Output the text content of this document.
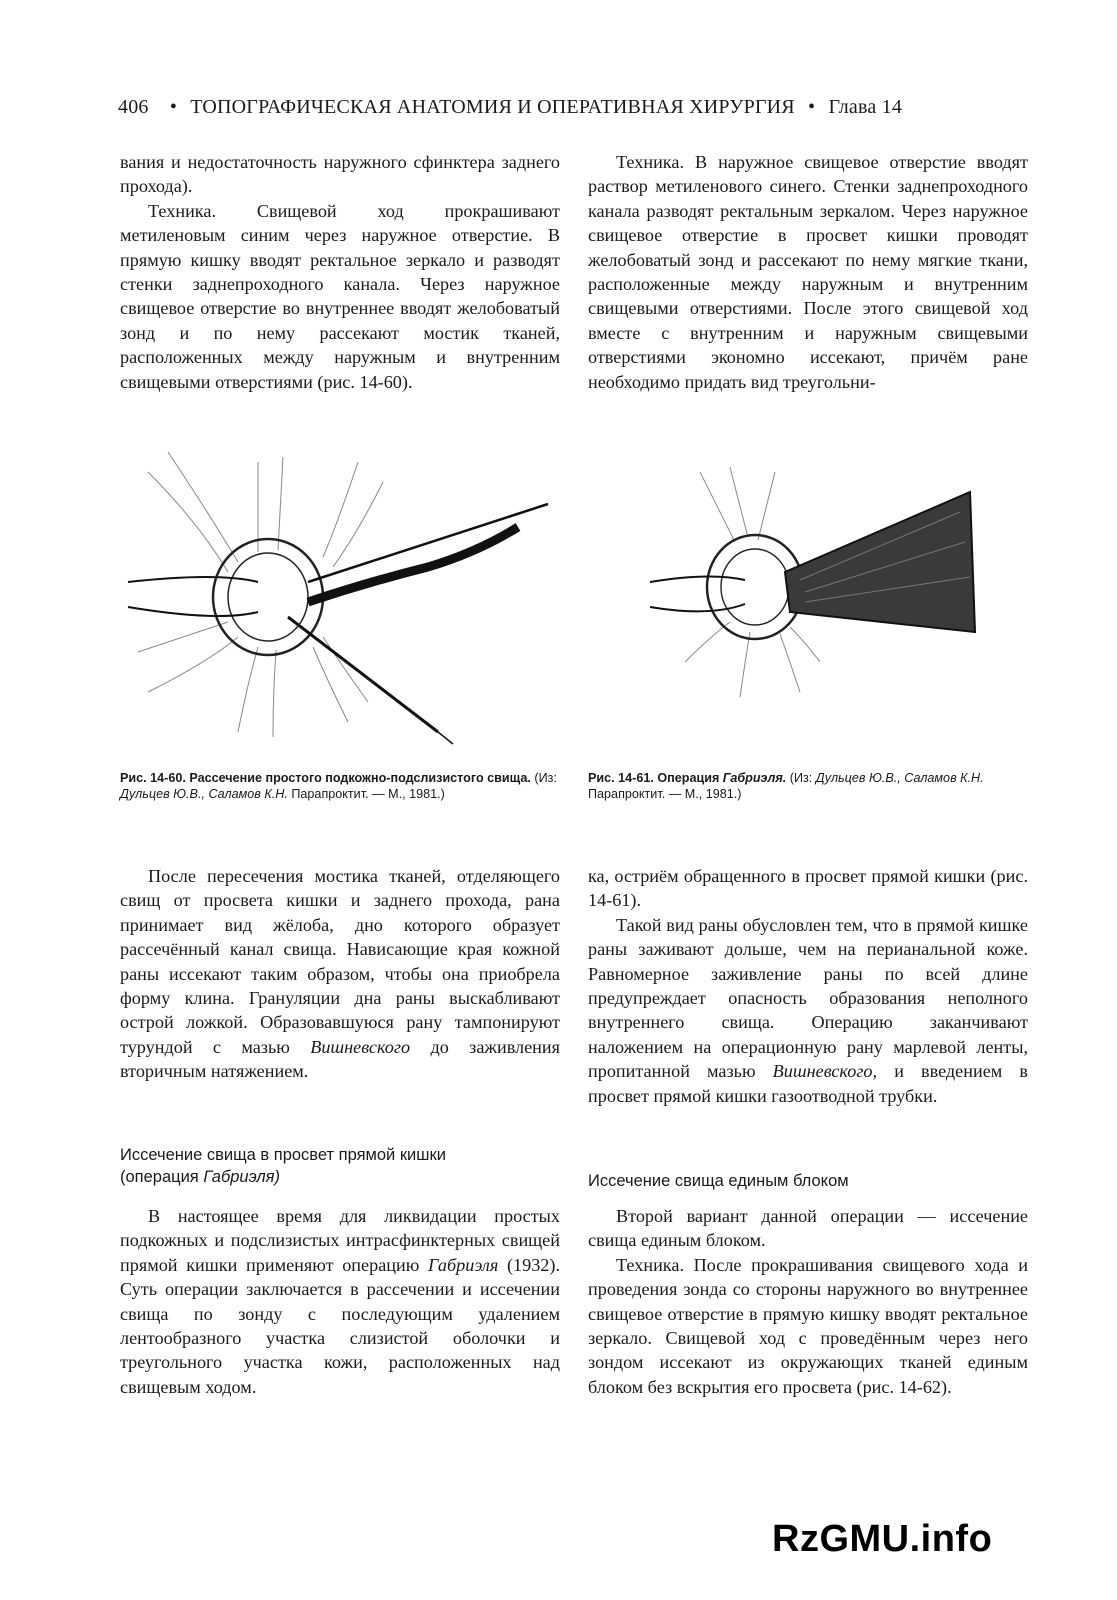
406 • ТОПОГРАФИЧЕСКАЯ АНАТОМИЯ И ОПЕРАТИВНАЯ ХИРУРГИЯ • Глава 14

вания и недостаточность наружного сфинктера заднего прохода).

Техника. Свищевой ход прокрашивают метиленовым синим через наружное отверстие. В прямую кишку вводят ректальное зеркало и разводят стенки заднепроходного канала. Через наружное свищевое отверстие во внутреннее вводят желобоватый зонд и по нему рассекают мостик тканей, расположенных между наружным и внутренним свищевыми отверстиями (рис. 14-60).

Техника. В наружное свищевое отверстие вводят раствор метиленового синего. Стенки заднепроходного канала разводят ректальным зеркалом. Через наружное свищевое отверстие в просвет кишки проводят желобоватый зонд и рассекают по нему мягкие ткани, расположенные между наружным и внутренним свищевыми отверстиями. После этого свищевой ход вместе с внутренним и наружным свищевыми отверстиями экономно иссекают, причём ране необходимо придать вид треугольни-

Рис. 14-60. Рассечение простого подкожно-подслизистого свища. (Из: Дульцев Ю.В., Саламов К.Н. Парапроктит. — М., 1981.)
Рис. 14-61. Операция Габриэля. (Из: Дульцев Ю.В., Саламов К.Н. Парапроктит. — М., 1981.)

После пересечения мостика тканей, отделяющего свищ от просвета кишки и заднего прохода, рана принимает вид жёлоба, дно которого образует рассечённый канал свища. Нависающие края кожной раны иссекают таким образом, чтобы она приобрела форму клина. Грануляции дна раны выскабливают острой ложкой. Образовавшуюся рану тампонируют турундой с мазью Вишневского до заживления вторичным натяжением.

Иссечение свища в просвет прямой кишки
(операция Габриэля)

В настоящее время для ликвидации простых подкожных и подслизистых интрасфинктерных свищей прямой кишки применяют операцию Габриэля (1932). Суть операции заключается в рассечении и иссечении свища по зонду с последующим удалением лентообразного участка слизистой оболочки и треугольного участка кожи, расположенных над свищевым ходом.

ка, остриём обращенного в просвет прямой кишки (рис. 14-61).

Такой вид раны обусловлен тем, что в прямой кишке раны заживают дольше, чем на перианальной коже. Равномерное заживление раны по всей длине предупреждает опасность образования неполного внутреннего свища. Операцию заканчивают наложением на операционную рану марлевой ленты, пропитанной мазью Вишневского, и введением в просвет прямой кишки газоотводной трубки.

Иссечение свища единым блоком

Второй вариант данной операции — иссечение свища единым блоком.

Техника. После прокрашивания свищевого хода и проведения зонда со стороны наружного во внутреннее свищевое отверстие в прямую кишку вводят ректальное зеркало. Свищевой ход с проведённым через него зондом иссекают из окружающих тканей единым блоком без вскрытия его просвета (рис. 14-62).

RzGMU.info
